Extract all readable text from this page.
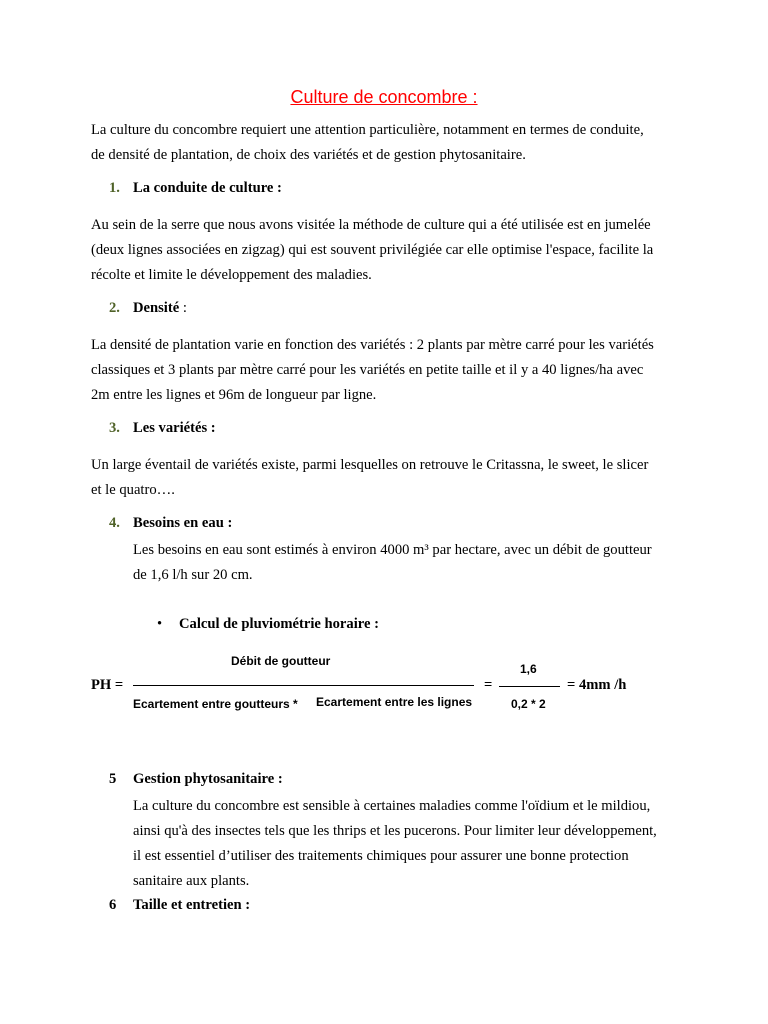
Culture de concombre :
La culture du concombre requiert une attention particulière, notamment en termes de conduite, de densité de plantation, de choix des variétés et de gestion phytosanitaire.
1. La conduite de culture :
Au sein de la serre que nous avons visitée la méthode de culture qui a été utilisée est en jumelée (deux lignes associées en zigzag) qui est souvent privilégiée car elle optimise l'espace, facilite la récolte et limite le développement des maladies.
2. Densité :
La densité de plantation varie en fonction des variétés : 2 plants par mètre carré pour les variétés classiques et 3 plants par mètre carré pour les variétés en petite taille et il y a 40 lignes/ha avec 2m entre les lignes et 96m de longueur par ligne.
3. Les variétés :
Un large éventail de variétés existe, parmi lesquelles on retrouve le Critassna, le sweet, le slicer et le quatro….
4. Besoins en eau :
Les besoins en eau sont estimés à environ 4000 m³ par hectare, avec un débit de goutteur de 1,6 l/h sur 20 cm.
• Calcul de pluviométrie horaire :
PH =
Débit de goutteur
Ecartement entre goutteurs * Ecartement entre les lignes
=
1,6
0,2 * 2
= 4mm /h
5 Gestion phytosanitaire :
La culture du concombre est sensible à certaines maladies comme l'oïdium et le mildiou, ainsi qu'à des insectes tels que les thrips et les pucerons. Pour limiter leur développement, il est essentiel d’utiliser des traitements chimiques pour assurer une bonne protection sanitaire aux plants.
6 Taille et entretien :
